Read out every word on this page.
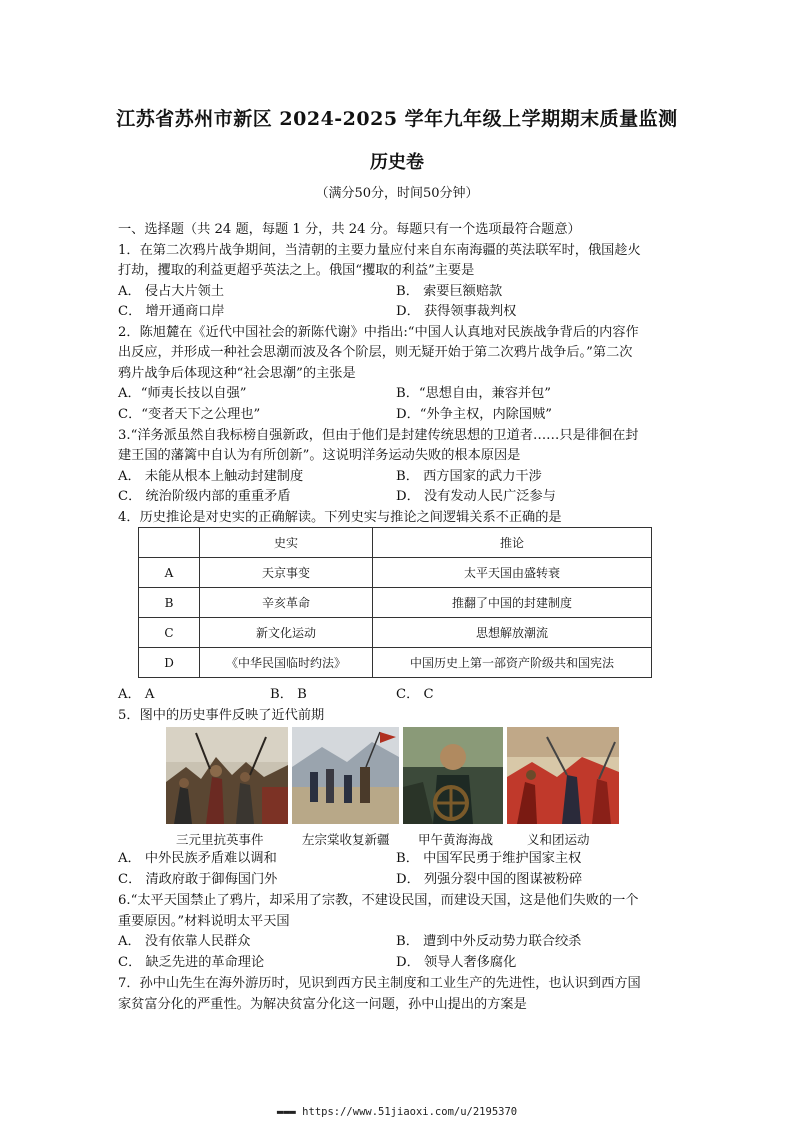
江苏省苏州市新区 2024-2025 学年九年级上学期期末质量监测
历史卷
（满分50分，时间50分钟）
一、选择题（共 24 题，每题 1 分，共 24 分。每题只有一个选项最符合题意）
1．在第二次鸦片战争期间，当清朝的主要力量应付来自东南海疆的英法联军时，俄国趁火
打劫，攫取的利益更超乎英法之上。俄国“攫取的利益”主要是
A． 侵占大片领土	B． 索要巨额赔款
C． 增开通商口岸	D． 获得领事裁判权
2．陈旭麓在《近代中国社会的新陈代谢》中指出:“中国人认真地对民族战争背后的内容作
出反应，并形成一种社会思潮而波及各个阶层，则无疑开始于第二次鸦片战争后。”第二次
鸦片战争后体现这种“社会思潮”的主张是
A．“师夷长技以自强”	B．“思想自由，兼容并包”
C．“变者天下之公理也”	D．“外争主权，内除国贼”
3.“洋务派虽然自我标榜自强新政，但由于他们是封建传统思想的卫道者……只是徘徊在封
建王国的藩篱中自认为有所创新”。这说明洋务运动失败的根本原因是
A． 未能从根本上触动封建制度	B． 西方国家的武力干涉
C． 统治阶级内部的重重矛盾	D． 没有发动人民广泛参与
4．历史推论是对史实的正确解读。下列史实与推论之间逻辑关系不正确的是
	史实	推论
A	天京事变	太平天国由盛转衰
B	辛亥革命	推翻了中国的封建制度
C	新文化运动	思想解放潮流
D	《中华民国临时约法》	中国历史上第一部资产阶级共和国宪法
A． A	B． B	C． C
5．图中的历史事件反映了近代前期
三元里抗英事件	左宗棠收复新疆 甲午黄海海战	义和团运动
A． 中外民族矛盾难以调和	B． 中国军民勇于维护国家主权
C． 清政府敢于御侮国门外	D． 列强分裂中国的图谋被粉碎
6.“太平天国禁止了鸦片，却采用了宗教，不建设民国，而建设天国，这是他们失败的一个
重要原因。”材料说明太平天国
A． 没有依靠人民群众	B． 遭到中外反动势力联合绞杀
C． 缺乏先进的革命理论	D． 领导人奢侈腐化
7．孙中山先生在海外游历时，见识到西方民主制度和工业生产的先进性，也认识到西方国
家贫富分化的严重性。为解决贫富分化这一问题，孙中山提出的方案是
▬▬▬ https://www.51jiaoxi.com/u/2195370
